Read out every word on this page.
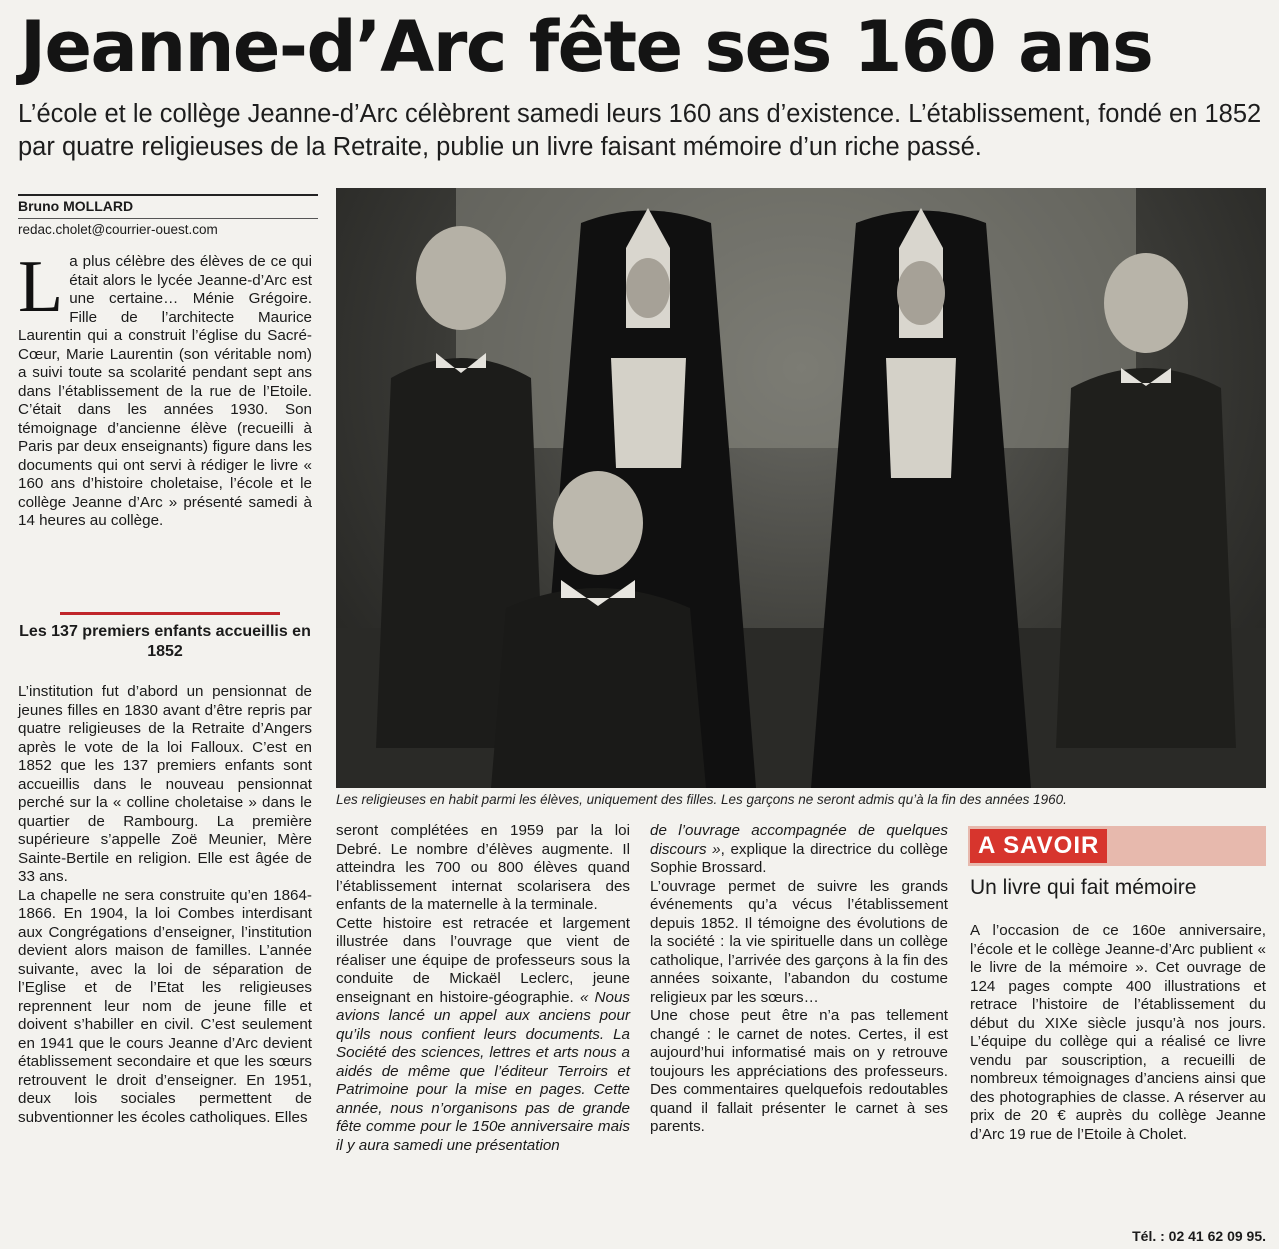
Jeanne-d’Arc fête ses 160 ans
L’école et le collège Jeanne-d’Arc célèbrent samedi leurs 160 ans d’existence. L’établissement, fondé en 1852 par quatre religieuses de la Retraite, publie un livre faisant mémoire d’un riche passé.
Bruno MOLLARD
redac.cholet@courrier-ouest.com
L a plus célèbre des élèves de ce qui était alors le lycée Jeanne-d’Arc est une certaine… Ménie Grégoire. Fille de l’architecte Maurice Laurentin qui a construit l’église du Sacré-Cœur, Marie Laurentin (son véritable nom) a suivi toute sa scolarité pendant sept ans dans l’établissement de la rue de l’Etoile. C’était dans les années 1930. Son témoignage d’ancienne élève (recueilli à Paris par deux enseignants) figure dans les documents qui ont servi à rédiger le livre « 160 ans d’histoire choletaise, l’école et le collège Jeanne d’Arc » présenté samedi à 14 heures au collège.
Les 137 premiers enfants accueillis en 1852

L’institution fut d’abord un pensionnat de jeunes filles en 1830 avant d’être repris par quatre religieuses de la Retraite d’Angers après le vote de la loi Falloux. C’est en 1852 que les 137 premiers enfants sont accueillis dans le nouveau pensionnat perché sur la « colline choletaise » dans le quartier de Rambourg. La première supérieure s’appelle Zoë Meunier, Mère Sainte-Bertile en religion. Elle est âgée de 33 ans.

La chapelle ne sera construite qu’en 1864-1866. En 1904, la loi Combes interdisant aux Congrégations d’enseigner, l’institution devient alors maison de familles. L’année suivante, avec la loi de séparation de l’Eglise et de l’Etat les religieuses reprennent leur nom de jeune fille et doivent s’habiller en civil. C’est seulement en 1941 que le cours Jeanne d’Arc devient établissement secondaire et que les sœurs retrouvent le droit d’enseigner. En 1951, deux lois sociales permettent de subventionner les écoles catholiques. Elles

Les religieuses en habit parmi les élèves, uniquement des filles. Les garçons ne seront admis qu’à la fin des années 1960.

seront complétées en 1959 par la loi Debré. Le nombre d’élèves augmente. Il atteindra les 700 ou 800 élèves quand l’établissement internat scolarisera des enfants de la maternelle à la terminale.

Cette histoire est retracée et largement illustrée dans l’ouvrage que vient de réaliser une équipe de professeurs sous la conduite de Mickaël Leclerc, jeune enseignant en histoire-géographie. « Nous avions lancé un appel aux anciens pour qu’ils nous confient leurs documents. La Société des sciences, lettres et arts nous a aidés de même que l’éditeur Terroirs et Patrimoine pour la mise en pages. Cette année, nous n’organisons pas de grande fête comme pour le 150e anniversaire mais il y aura samedi une présentation

de l’ouvrage accompagnée de quelques discours », explique la directrice du collège Sophie Brossard.

L’ouvrage permet de suivre les grands événements qu’a vécus l’établissement depuis 1852. Il témoigne des évolutions de la société : la vie spirituelle dans un collège catholique, l’arrivée des garçons à la fin des années soixante, l’abandon du costume religieux par les sœurs…

Une chose peut être n’a pas tellement changé : le carnet de notes. Certes, il est aujourd’hui informatisé mais on y retrouve toujours les appréciations des professeurs. Des commentaires quelquefois redoutables quand il fallait présenter le carnet à ses parents.

A SAVOIR
Un livre qui fait mémoire
A l’occasion de ce 160e anniversaire, l’école et le collège Jeanne-d’Arc publient « le livre de la mémoire ». Cet ouvrage de 124 pages compte 400 illustrations et retrace l’histoire de l’établissement du début du XIXe siècle jusqu’à nos jours. L’équipe du collège qui a réalisé ce livre vendu par souscription, a recueilli de nombreux témoignages d’anciens ainsi que des photographies de classe. A réserver au prix de 20 € auprès du collège Jeanne d’Arc 19 rue de l’Etoile à Cholet.
Tél. : 02 41 62 09 95.
